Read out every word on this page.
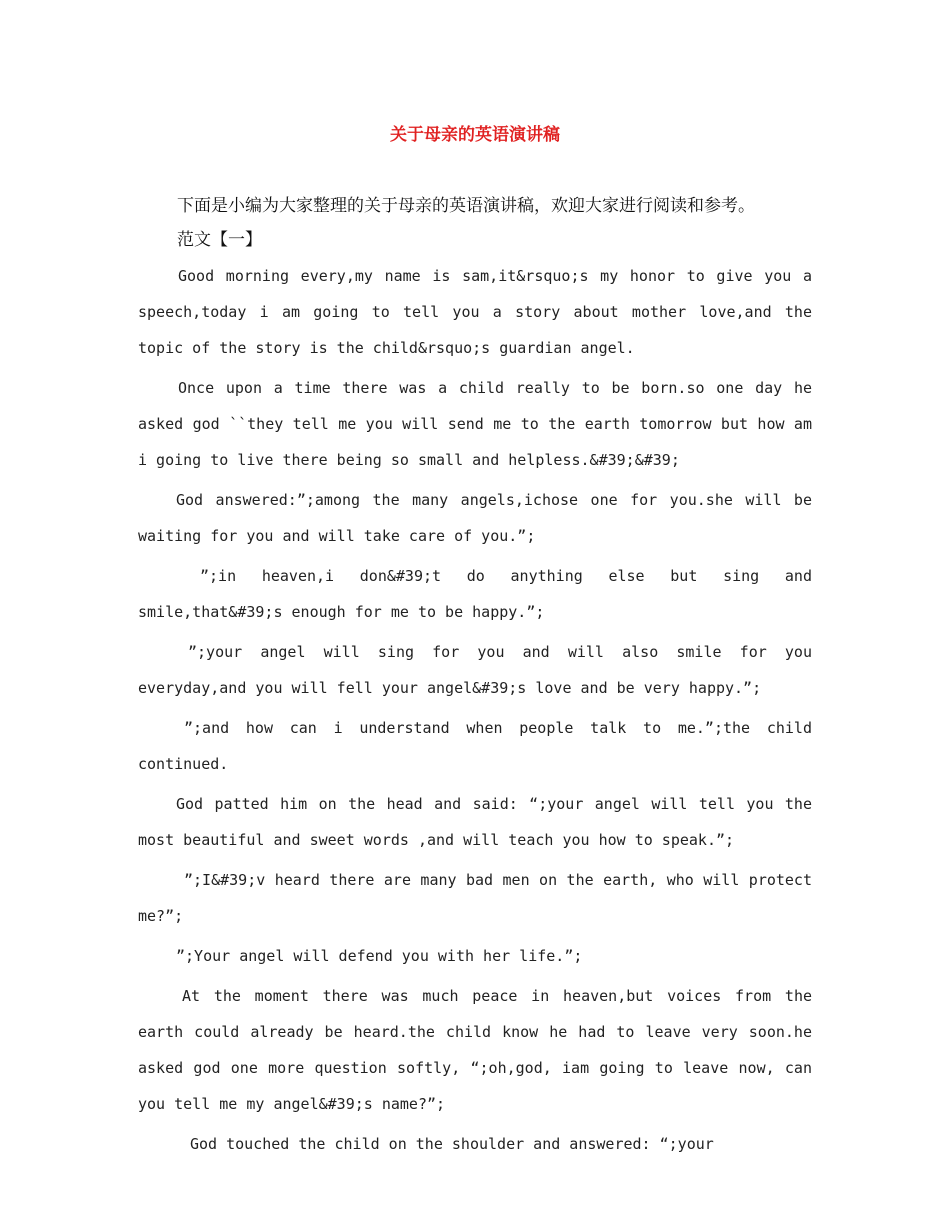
关于母亲的英语演讲稿
下面是小编为大家整理的关于母亲的英语演讲稿，欢迎大家进行阅读和参考。
范文【一】

Good morning every,my name is sam,it&rsquo;s my honor to give you a speech,today i am going to tell you a story about mother love,and the topic of the story is the child&rsquo;s guardian angel.

Once upon a time there was a child really to be born.so one day he asked god ``they tell me you will send me to the earth tomorrow but how am i going to live there being so small and helpless.&#39;&#39;

God answered:”;among the many angels,ichose one for you.she will be waiting for you and will take care of you.”;

”;in heaven,i don&#39;t do anything else but sing and smile,that&#39;s enough for me to be happy.”;

”;your angel will sing for you and will also smile for you everyday,and you will fell your angel&#39;s love and be very happy.”;

”;and how can i understand when people talk to me.”;the child continued.

God patted him on the head and said: “;your angel will tell you the most beautiful and sweet words ,and will teach you how to speak.”;

”;I&#39;v heard there are many bad men on the earth, who will protect me?”;

”;Your angel will defend you with her life.”;

At the moment there was much peace in heaven,but voices from the earth could already be heard.the child know he had to leave very soon.he asked god one more question softly, “;oh,god, iam going to leave now, can you tell me my angel&#39;s name?”;

God touched the child on the shoulder and answered: “;your
